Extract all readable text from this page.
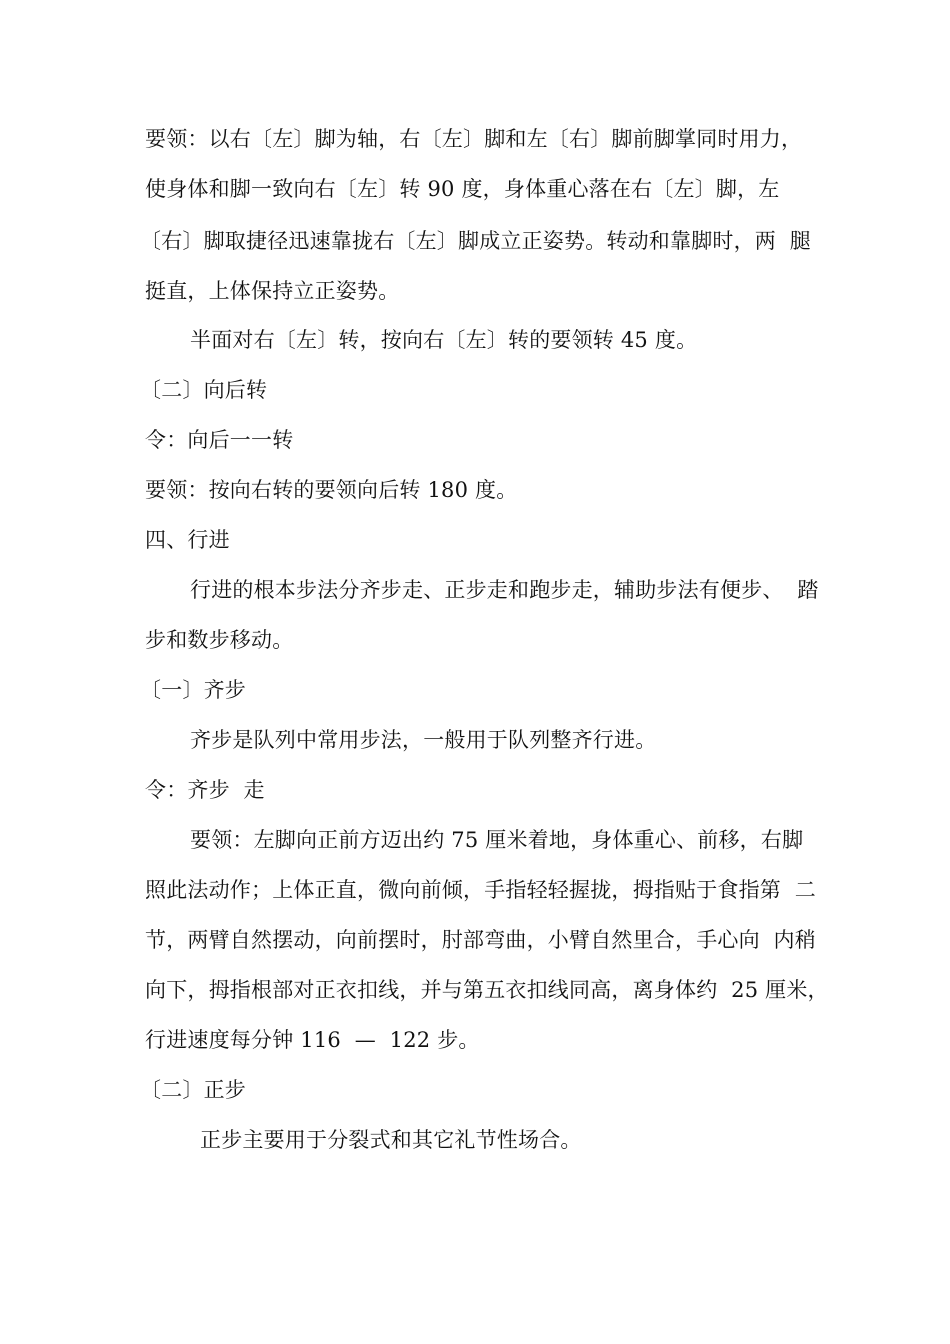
要领：以右〔左〕脚为轴，右〔左〕脚和左〔右〕脚前脚掌同时用力，
使身体和脚一致向右〔左〕转 90 度，身体重心落在右〔左〕脚，左
〔右〕脚取捷径迅速靠拢右〔左〕脚成立正姿势。转动和靠脚时，两  腿
挺直，上体保持立正姿势。
半面对右〔左〕转，按向右〔左〕转的要领转 45 度。
〔二〕向后转
令：向后一一转
要领：按向右转的要领向后转 180 度。
四、行进
行进的根本步法分齐步走、正步走和跑步走，辅助步法有便步、  踏
步和数步移动。
〔一〕齐步
齐步是队列中常用步法，一般用于队列整齐行进。
令：齐步  走
要领：左脚向正前方迈出约 75 厘米着地，身体重心、前移，右脚
照此法动作；上体正直，微向前倾，手指轻轻握拢，拇指贴于食指第  二
节，两臂自然摆动，向前摆时，肘部弯曲，小臂自然里合，手心向  内稍
向下，拇指根部对正衣扣线，并与第五衣扣线同高，离身体约  25 厘米，
行进速度每分钟 116  —  122 步。
〔二〕正步
正步主要用于分裂式和其它礼节性场合。
